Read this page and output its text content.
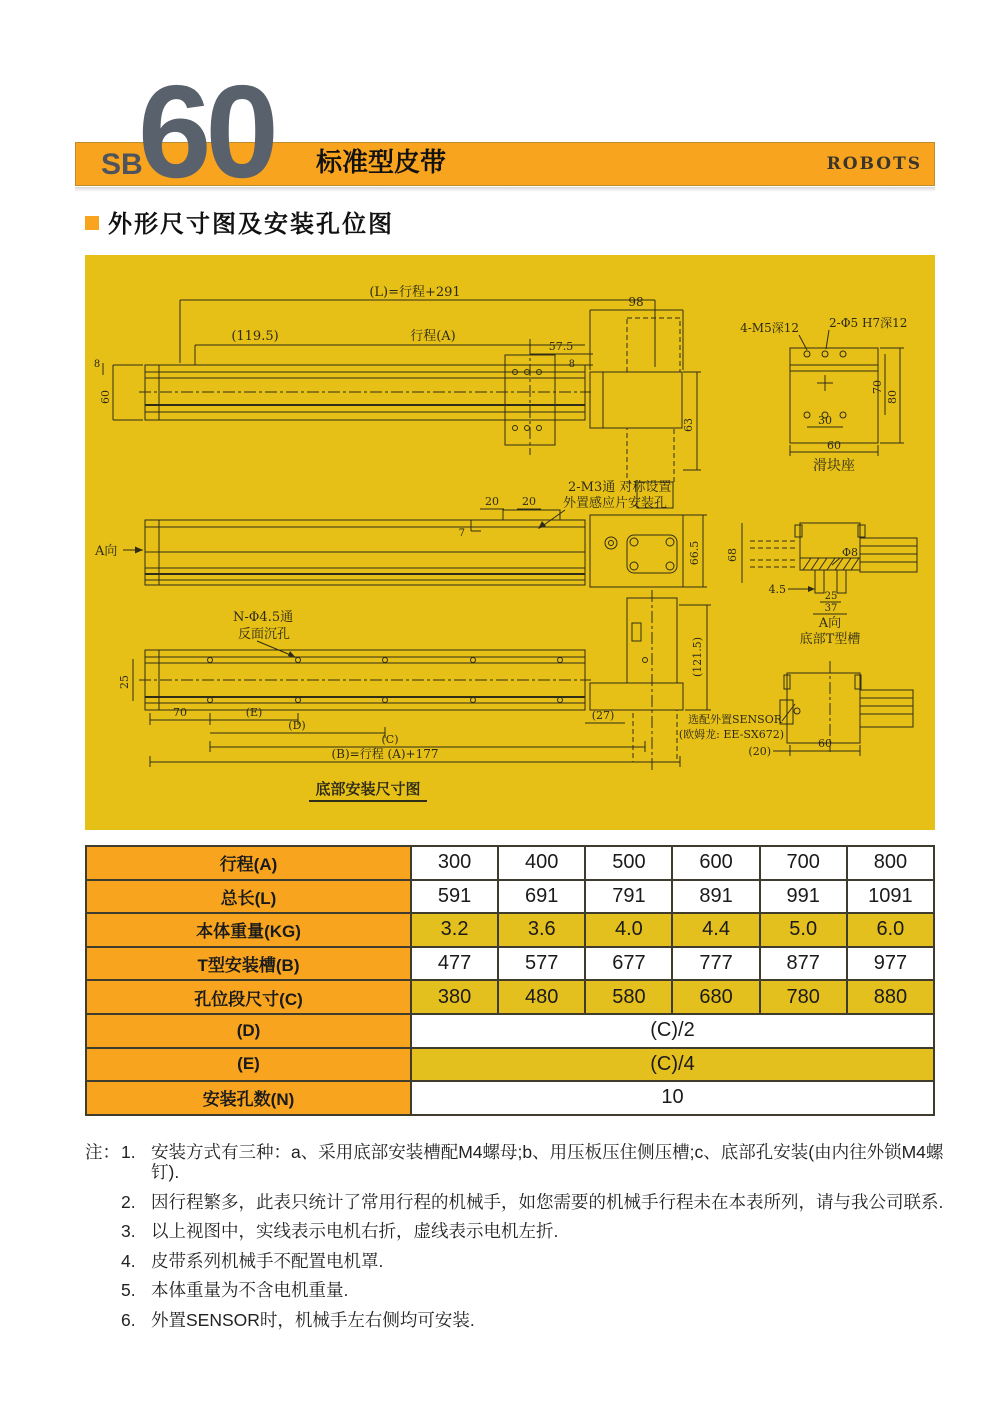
60
SB	标准型皮带	ROBOTS
外形尺寸图及安装孔位图
(L)=行程+291
(119.5)	行程(A)
57.5
8
98
8
60
63	30
60
70
80
4-M5深12	2-Φ5 H7深12
滑块座
A向
20 20
7
2-M3通 对称设置
外置感应片安装孔
66.5 68	Φ8
4.5
25
37
A向
底部T型槽
N-Φ4.5通
反面沉孔
25
70	(E)
(D)
(C)
(B)=行程 (A)+177
(27)
(121.5)
底部安装尺寸图
选配外置SENSOR
(欧姆龙: EE-SX672)
(20)
60
行程(A)	300	400	500	600	700	800
总长(L)	591	691	791	891	991	1091
本体重量(KG)	3.2	3.6	4.0	4.4	5.0	6.0
T型安装槽(B)	477	577	677	777	877	977
孔位段尺寸(C)	380	480	580	680	780	880
(D)	(C)/2					
(E)	(C)/4					
安装孔数(N)	10					
注： 1. 安装方式有三种：a、采用底部安装槽配M4螺母;b、用压板压住侧压槽;c、底部孔安装(由内往外锁M4螺钉).
2. 因行程繁多，此表只统计了常用行程的机械手，如您需要的机械手行程未在本表所列，请与我公司联系.
3. 以上视图中，实线表示电机右折，虚线表示电机左折.
4. 皮带系列机械手不配置电机罩.
5. 本体重量为不含电机重量.
6. 外置SENSOR时，机械手左右侧均可安装.
